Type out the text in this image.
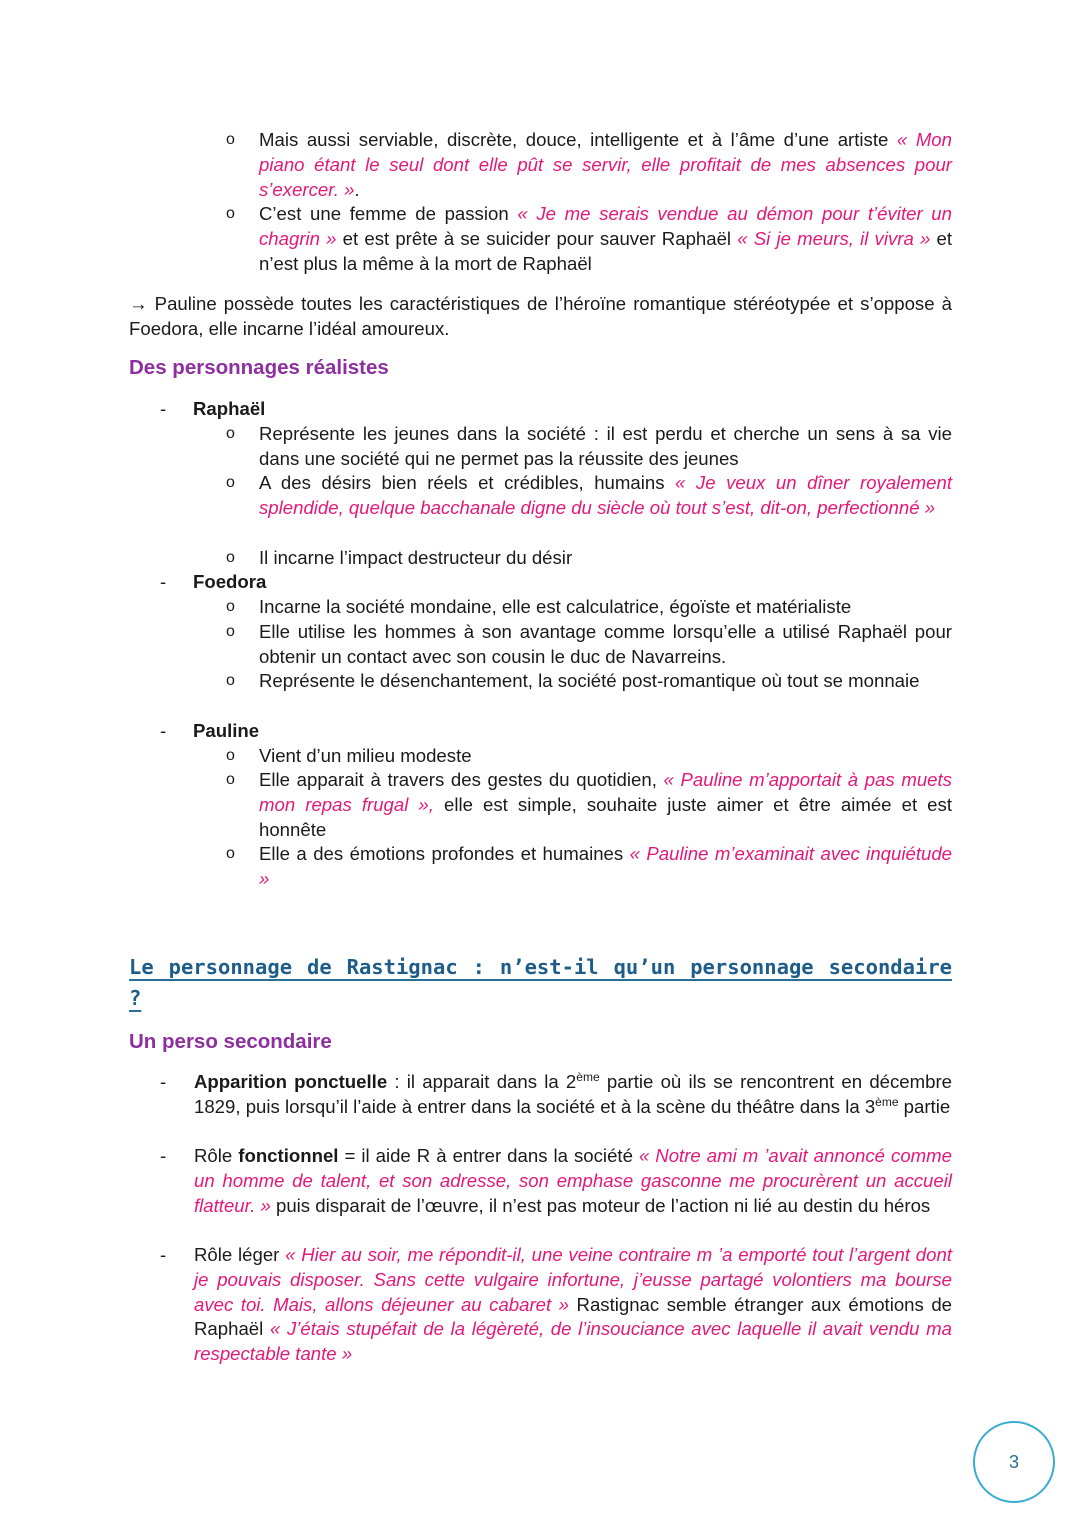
o Mais aussi serviable, discrète, douce, intelligente et à l’âme d’une artiste « Mon piano étant le seul dont elle pût se servir, elle profitait de mes absences pour s’exercer. ».
o C’est une femme de passion « Je me serais vendue au démon pour t’éviter un chagrin » et est prête à se suicider pour sauver Raphaël « Si je meurs, il vivra » et n’est plus la même à la mort de Raphaël
→ Pauline possède toutes les caractéristiques de l’héroïne romantique stéréotypée et s’oppose à Foedora, elle incarne l’idéal amoureux.
Des personnages réalistes
- Raphaël
o Représente les jeunes dans la société : il est perdu et cherche un sens à sa vie dans une société qui ne permet pas la réussite des jeunes
o A des désirs bien réels et crédibles, humains « Je veux un dîner royalement splendide, quelque bacchanale digne du siècle où tout s’est, dit-on, perfectionné »
o Il incarne l’impact destructeur du désir
- Foedora
o Incarne la société mondaine, elle est calculatrice, égoïste et matérialiste
o Elle utilise les hommes à son avantage comme lorsqu’elle a utilisé Raphaël pour obtenir un contact avec son cousin le duc de Navarreins.
o Représente le désenchantement, la société post-romantique où tout se monnaie
- Pauline
o Vient d’un milieu modeste
o Elle apparait à travers des gestes du quotidien, « Pauline m’apportait à pas muets mon repas frugal », elle est simple, souhaite juste aimer et être aimée et est honnête
o Elle a des émotions profondes et humaines « Pauline m’examinait avec inquiétude »
Le personnage de Rastignac : n’est-il qu’un personnage secondaire ?
Un perso secondaire
- Apparition ponctuelle : il apparait dans la 2ème partie où ils se rencontrent en décembre 1829, puis lorsqu’il l’aide à entrer dans la société et à la scène du théâtre dans la 3ème partie
- Rôle fonctionnel = il aide R à entrer dans la société « Notre ami m ’avait annoncé comme un homme de talent, et son adresse, son emphase gasconne me procurèrent un accueil flatteur. » puis disparait de l’œuvre, il n’est pas moteur de l’action ni lié au destin du héros
- Rôle léger « Hier au soir, me répondit-il, une veine contraire m ’a emporté tout l’argent dont je pouvais disposer. Sans cette vulgaire infortune, j’eusse partagé volontiers ma bourse avec toi. Mais, allons déjeuner au cabaret » Rastignac semble étranger aux émotions de Raphaël « J’étais stupéfait de la légèreté, de l’insouciance avec laquelle il avait vendu ma respectable tante »
3
